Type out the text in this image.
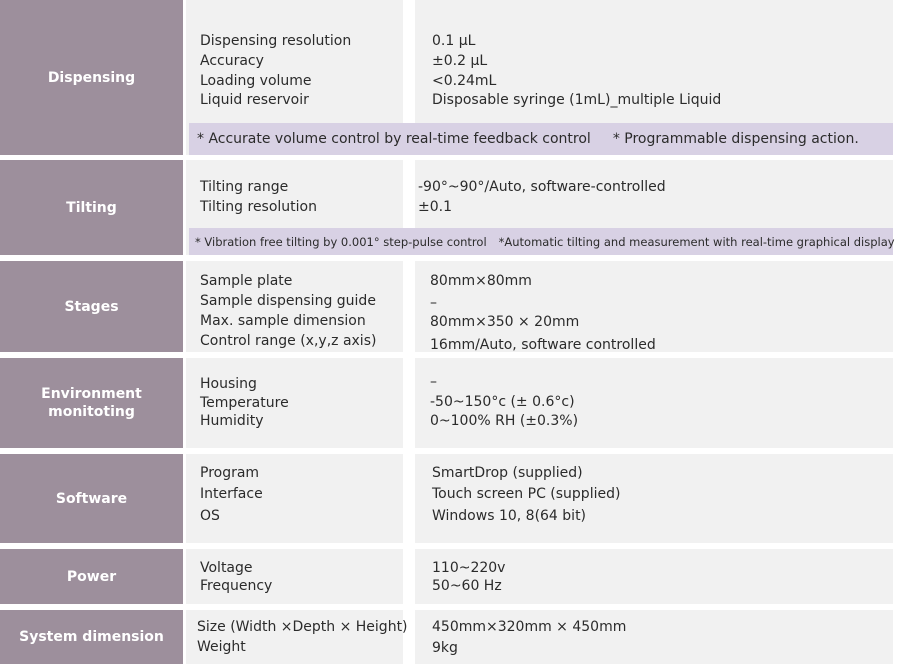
Dispensing
Dispensing resolution	0.1 μL
Accuracy	±0.2 μL
Loading volume	<0.24mL
Liquid reservoir	Disposable syringe (1mL)_multiple Liquid
* Accurate volume control by real-time feedback control * Programmable dispensing action.
Tilting
Tilting range	-90°~90°/Auto, software-controlled
Tilting resolution	±0.1
* Vibration free tilting by 0.001° step-pulse control *Automatic tilting and measurement with real-time graphical display
Stages
Sample plate	80mm×80mm
Sample dispensing guide	–
Max. sample dimension	80mm×350 × 20mm
Control range (x,y,z axis)	16mm/Auto, software controlled
Environment
monitoting
Housing	–
Temperature	-50~150°c (± 0.6°c)
Humidity	0~100% RH (±0.3%)
Software
Program	SmartDrop (supplied)
Interface	Touch screen PC (supplied)
OS	Windows 10, 8(64 bit)
Power
Voltage	110~220v
Frequency	50~60 Hz
System dimension
Size (Width ×Depth × Height) 450mm×320mm × 450mm
Weight	9kg
